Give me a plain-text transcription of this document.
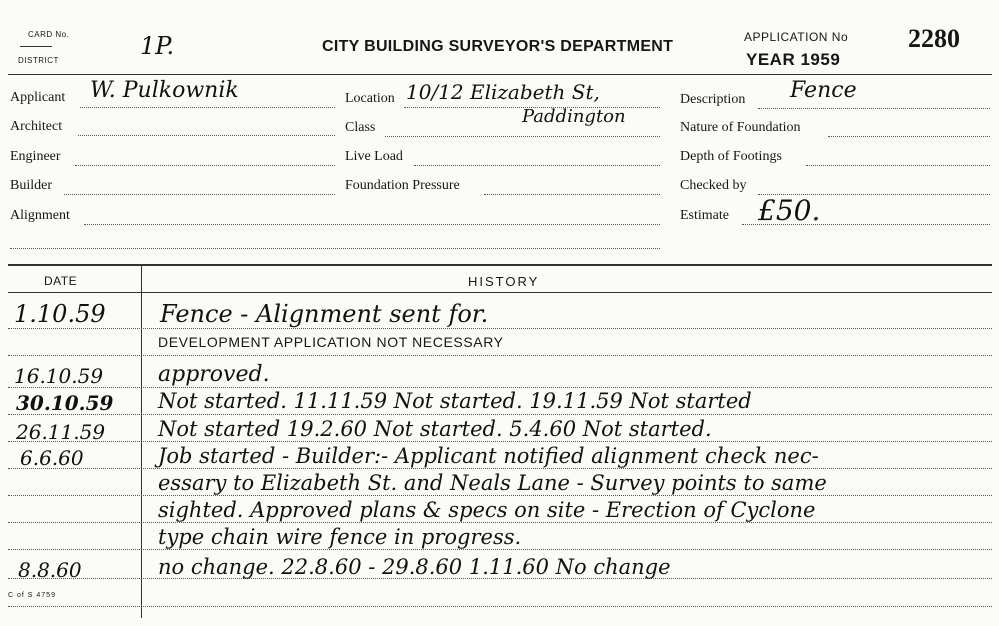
CARD No.
DISTRICT
1P.	CITY BUILDING SURVEYOR'S DEPARTMENT
APPLICATION No
YEAR 1959
2280
Applicant W. Pulkownik
Architect
Engineer
Builder
Alignment
Location 10/12 Elizabeth St,
Paddington
Class
Live Load
Foundation Pressure
Description Fence
Nature of Foundation
Depth of Footings
Checked by
Estimate £50.
DATE	HISTORY
1.10.59 Fence - Alignment sent for.
DEVELOPMENT APPLICATION NOT NECESSARY
16.10.59 approved.
30.10.59 Not started. 11.11.59 Not started. 19.11.59 Not started
26.11.59	Not started 19.2.60 Not started. 5.4.60 Not started.
6.6.60	Job started - Builder:- Applicant notified alignment check nec-
essary to Elizabeth St. and Neals Lane - Survey points to same
sighted. Approved plans & specs on site - Erection of Cyclone
type chain wire fence in progress.
8.8.60	no change. 22.8.60 - 29.8.60 1.11.60 No change
C of S 4759
